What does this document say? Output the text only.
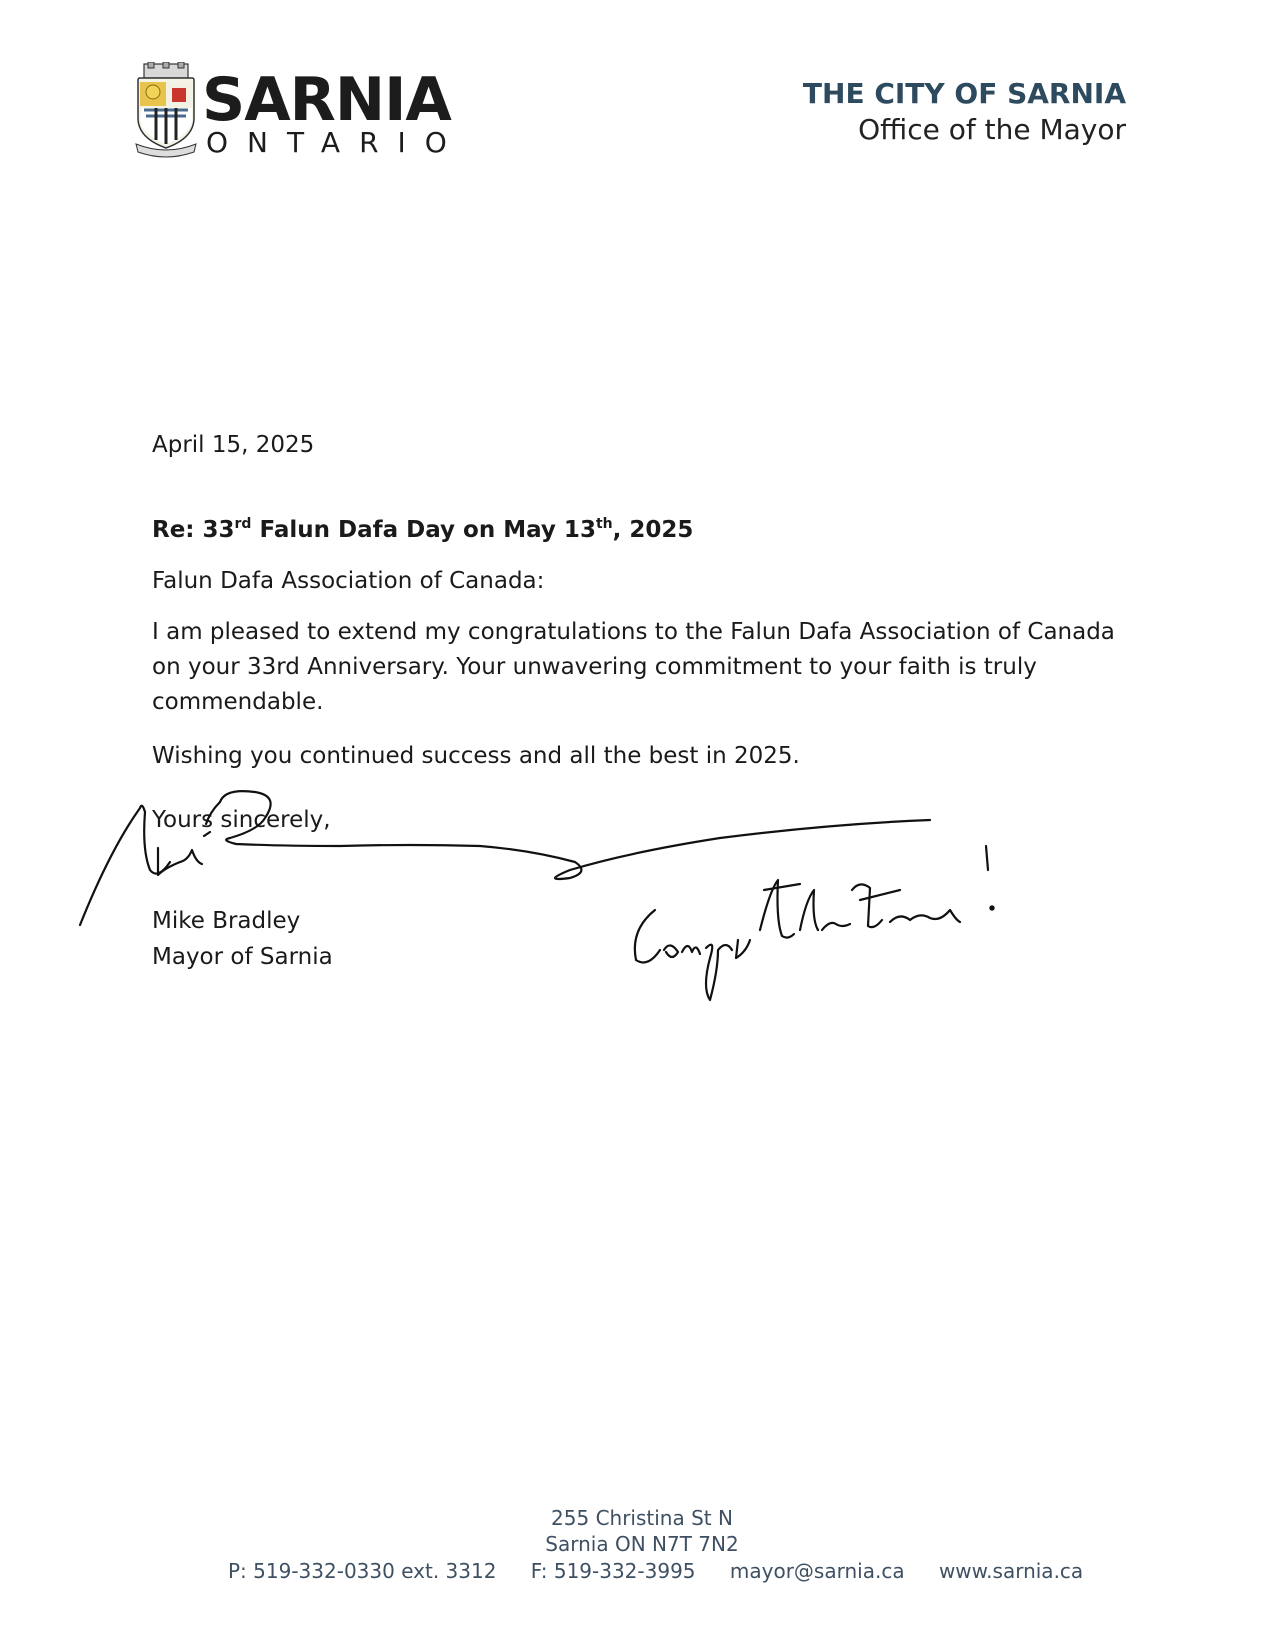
SARNIA
ONTARIO
THE CITY OF SARNIA
Office of the Mayor
April 15, 2025
Re: 33rd Falun Dafa Day on May 13th, 2025
Falun Dafa Association of Canada:
I am pleased to extend my congratulations to the Falun Dafa Association of Canada on your 33rd Anniversary. Your unwavering commitment to your faith is truly commendable.
Wishing you continued success and all the best in 2025.
Yours sincerely,
Mike Bradley
Mayor of Sarnia
255 Christina St N
Sarnia ON N7T 7N2
P: 519-332-0330 ext. 3312 F: 519-332-3995 mayor@sarnia.ca www.sarnia.ca
